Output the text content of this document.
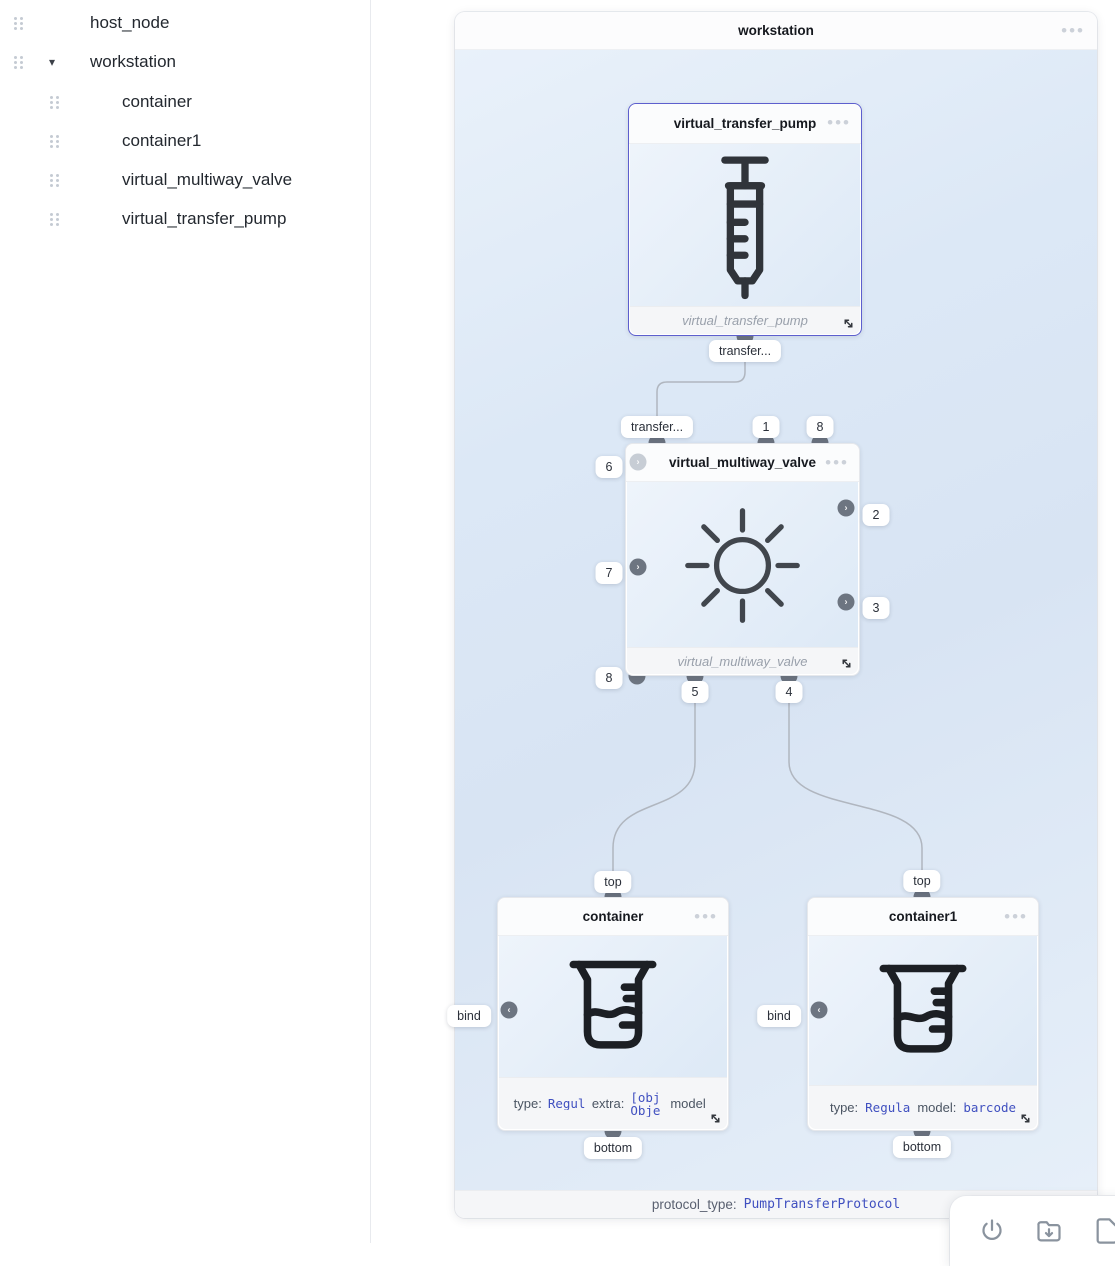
host_node
▾ workstation
container
container1
virtual_multiway_valve
virtual_transfer_pump
workstation	•••
virtual_transfer_pump •••
virtual_transfer_pump
virtual_multiway_valve •••
virtual_multiway_valve
›
›
›
›
container	•••
type: Regul extra: [obj
Obje model
‹
container1	•••
type: Regula model: barcode
‹
transfer...
transfer...	1	8
6
7
2
3
8
5	4
top
bind
bottom
top
bind
bottom
protocol_type: PumpTransferProtocol
